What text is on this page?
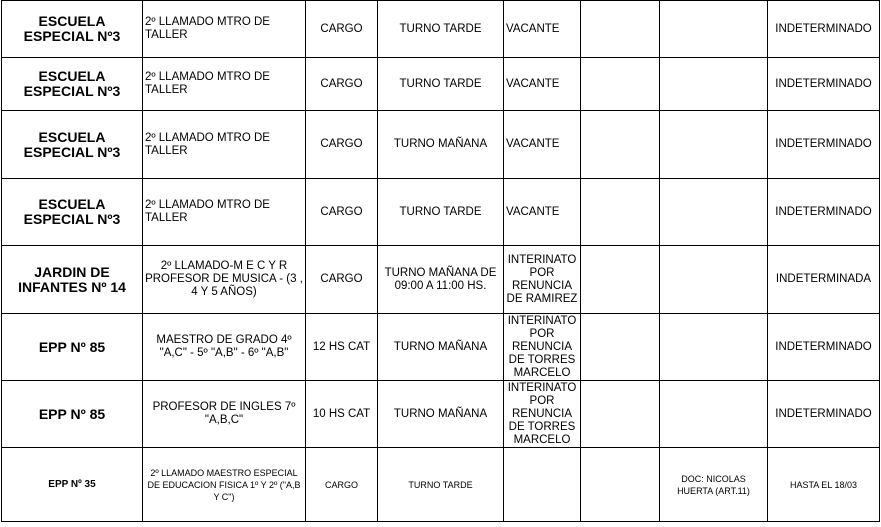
ESCUELA ESPECIAL Nº3	2º LLAMADO MTRO DE TALLER	CARGO	TURNO TARDE	VACANTE			INDETERMINADO
ESCUELA ESPECIAL Nº3	2º LLAMADO MTRO DE TALLER	CARGO	TURNO TARDE	VACANTE			INDETERMINADO
ESCUELA ESPECIAL Nº3	2º LLAMADO MTRO DE TALLER	CARGO	TURNO MAÑANA	VACANTE			INDETERMINADO
ESCUELA ESPECIAL Nº3	2º LLAMADO MTRO DE TALLER	CARGO	TURNO TARDE	VACANTE			INDETERMINADO
JARDIN DE INFANTES Nº 14	2º LLAMADO-M E C Y R PROFESOR DE MUSICA - (3 , 4 Y 5 AÑOS)	CARGO	TURNO MAÑANA DE 09:00 A 11:00 HS.	INTERINATO POR RENUNCIA DE RAMIREZ			INDETERMINADA
EPP Nº 85	MAESTRO DE GRADO 4º "A,C" - 5º "A,B" - 6º "A,B"	12 HS CAT	TURNO MAÑANA	INTERINATO POR RENUNCIA DE TORRES MARCELO			INDETERMINADO
EPP Nº 85	PROFESOR DE INGLES 7º "A,B,C"	10 HS CAT	TURNO MAÑANA	INTERINATO POR RENUNCIA DE TORRES MARCELO			INDETERMINADO
EPP Nº 35	2º LLAMADO MAESTRO ESPECIAL DE EDUCACION FISICA 1º Y 2º ("A,B Y C")	CARGO	TURNO TARDE			DOC: NICOLAS HUERTA (ART.11)	HASTA EL 18/03
